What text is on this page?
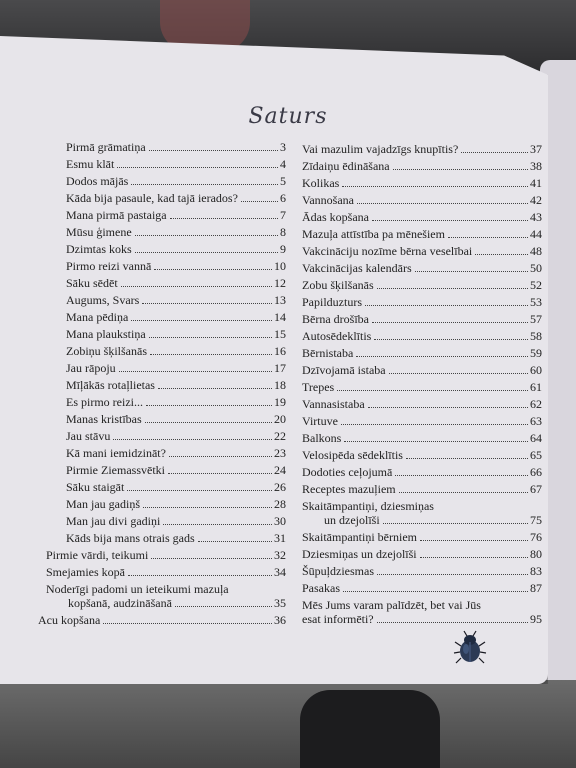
Saturs
Pirmā grāmatiņa	3
Esmu klāt	4
Dodos mājās	5
Kāda bija pasaule, kad tajā ierados?	6
Mana pirmā pastaiga	7
Mūsu ģimene	8
Dzimtas koks	9
Pirmo reizi vannā	10
Sāku sēdēt	12
Augums, Svars	13
Mana pēdiņa	14
Mana plaukstiņa	15
Zobiņu šķilšanās	16
Jau rāpoju	17
Mīļākās rotaļlietas	18
Es pirmo reizi...	19
Manas kristības	20
Jau stāvu	22
Kā mani iemidzināt?	23
Pirmie Ziemassvētki	24
Sāku staigāt	26
Man jau gadiņš	28
Man jau divi gadiņi	30
Kāds bija mans otrais gads	31
Pirmie vārdi, teikumi	32
Smejamies kopā	34
Noderīgi padomi un ieteikumi mazuļa
kopšanā, audzināšanā	35
Acu kopšana	36
Vai mazulim vajadzīgs knupītis?	37
Zīdaiņu ēdināšana	38
Kolikas	41
Vannošana	42
Ādas kopšana	43
Mazuļa attīstība pa mēnešiem	44
Vakcināciju nozīme bērna veselībai	48
Vakcinācijas kalendārs	50
Zobu šķilšanās	52
Papildu​zturs	53
Bērna drošība	57
Autosēdeklītis	58
Bērnistaba	59
Dzīvojamā istaba	60
Trepes	61
Vannasistaba	62
Virtuve	63
Balkons	64
Velosipēda sēdeklītis	65
Dodoties ceļojumā	66
Receptes mazuļiem	67
Skaitāmpantiņi, dziesmiņas
un dzejolīši	75
Skaitāmpantiņi bērniem	76
Dziesmiņas un dzejolīši	80
Šūpuļdziesmas	83
Pasakas	87
Mēs Jums varam palīdzēt, bet vai Jūs
esat informēti?	95
